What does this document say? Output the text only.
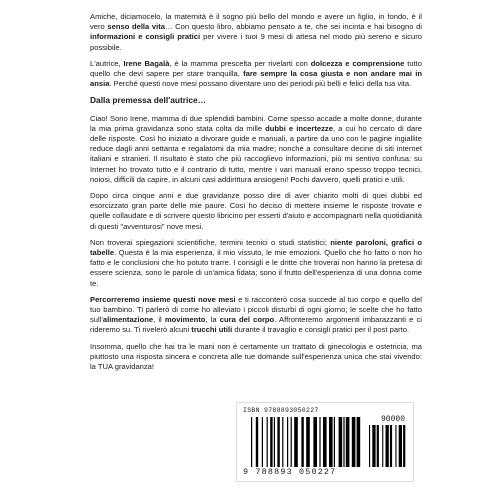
Amiche, diciamocelo, la maternità è il sogno più bello del mondo e avere un figlio, in fondo, è il vero senso della vita… Con questo libro, abbiamo pensato a te, che sei incinta e hai bisogno di informazioni e consigli pratici per vivere i tuoi 9 mesi di attesa nel modo più sereno e sicuro possibile.

L'autrice, Irene Bagalà, è la mamma prescelta per rivelarti con dolcezza e comprensione tutto quello che devi sapere per stare tranquilla, fare sempre la cosa giusta e non andare mai in ansia. Perché questi nove mesi possano diventare uno dei periodi più belli e felici della tua vita.

Dalla premessa dell'autrice…

Ciao! Sono Irene, mamma di due splendidi bambini. Come spesso accade a molte donne, durante la mia prima gravidanza sono stata colta da mille dubbi e incertezze, a cui ho cercato di dare delle risposte. Così ho iniziato a divorare guide e manuali, a partire da uno con le pagine ingiallite reduce dagli anni settanta e regalatomi da mia madre; nonché a consultare decine di siti internet italiani e stranieri. Il risultato è stato che più raccoglievo informazioni, più mi sentivo confusa: su Internet ho trovato tutto e il contrario di tutto, mentre i vari manuali erano spesso troppo tecnici, noiosi, difficili da capire, in alcuni casi addirittura ansiogeni! Pochi davvero, quelli pratici e utili.

Dopo circa cinque anni e due gravidanze posso dire di aver chiarito molti di quei dubbi ed esorcizzato gran parte delle mie paure. Così ho deciso di mettere insieme le risposte trovate e quelle collaudate e di scrivere questo libricino per esserti d'aiuto e accompagnarti nella quotidianità di questi "avventurosi" nove mesi.

Non troverai spiegazioni scientifiche, termini tecnici o studi statistici; niente paroloni, grafici o tabelle. Questa è la mia esperienza, il mio vissuto, le mie emozioni. Quello che ho fatto o non ho fatto e le conclusioni che ho potuto trarre. I consigli e le dritte che troverai non hanno la pretesa di essere scienza, sono le parole di un'amica fidata; sono il frutto dell'esperienza di una donna come te.

Percorreremo insieme questi nove mesi e ti racconterò cosa succede al tuo corpo e quello del tuo bambino. Ti parlerò di come ho alleviato i piccoli disturbi di ogni giorno; le scelte che ho fatto sull'alimentazione, il movimento, la cura del corpo. Affronteremo argomenti imbarazzanti e ci rideremo su. Ti rivelerò alcuni trucchi utili durante il travaglio e consigli pratici per il post parto.

Insomma, quello che hai tra le mani non è certamente un trattato di ginecologia e ostetricia, ma piuttosto una risposta sincera e concreta alle tue domande sull'esperienza unica che stai vivendo: la TUA gravidanza!

ISBN 9788893050227
90000
9 788893 050227
